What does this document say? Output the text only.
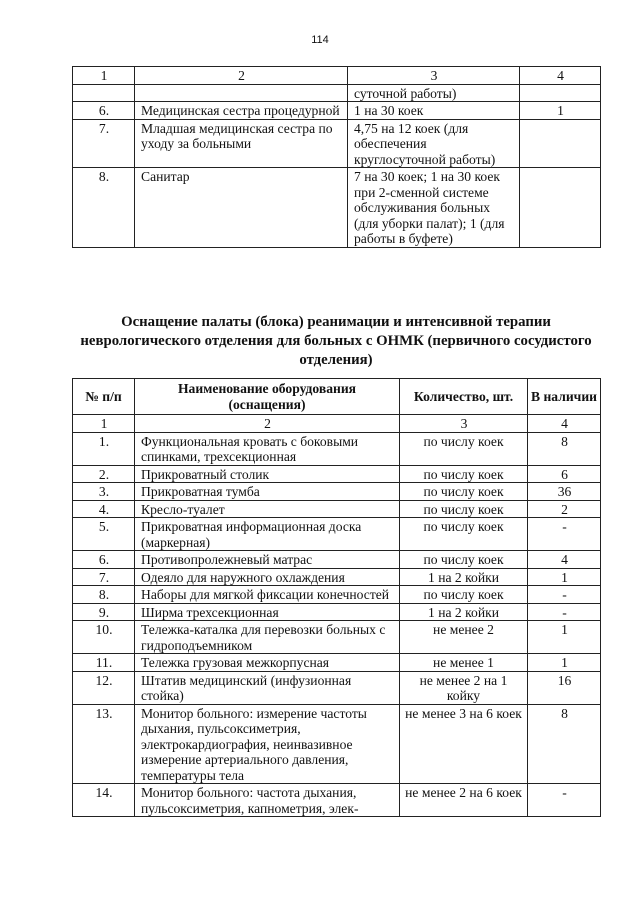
114
1	2	3	4
		суточной работы)	
6.	Медицинская сестра процедурной	1 на 30 коек	1
7.	Младшая медицинская сестра по уходу за больными	4,75 на 12 коек (для обеспечения круглосуточной работы)	
8.	Санитар	7 на 30 коек; 1 на 30 коек при 2-сменной системе обслуживания больных (для уборки палат); 1 (для работы в буфете)	
Оснащение палаты (блока) реанимации и интенсивной терапии неврологического отделения для больных с ОНМК (первичного сосудистого отделения)
№ п/п	Наименование оборудования (оснащения)	Количество, шт.	В наличии
1	2	3	4
1.	Функциональная кровать с боковыми спинками, трехсекционная	по числу коек	8
2.	Прикроватный столик	по числу коек	6
3.	Прикроватная тумба	по числу коек	36
4.	Кресло-туалет	по числу коек	2
5.	Прикроватная информационная доска (маркерная)	по числу коек	-
6.	Противопролежневый матрас	по числу коек	4
7.	Одеяло для наружного охлаждения	1 на 2 койки	1
8.	Наборы для мягкой фиксации конечностей	по числу коек	-
9.	Ширма трехсекционная	1 на 2 койки	-
10.	Тележка-каталка для перевозки больных с гидроподъемником	не менее 2	1
11.	Тележка грузовая межкорпусная	не менее 1	1
12.	Штатив медицинский (инфузионная стойка)	не менее 2 на 1 койку	16
13.	Монитор больного: измерение частоты дыхания, пульсоксиметрия, электрокардиография, неинвазивное измерение артериального давления, температуры тела	не менее 3 на 6 коек	8
14.	Монитор больного: частота дыхания, пульсоксиметрия, капнометрия, элек-	не менее 2 на 6 коек	-
